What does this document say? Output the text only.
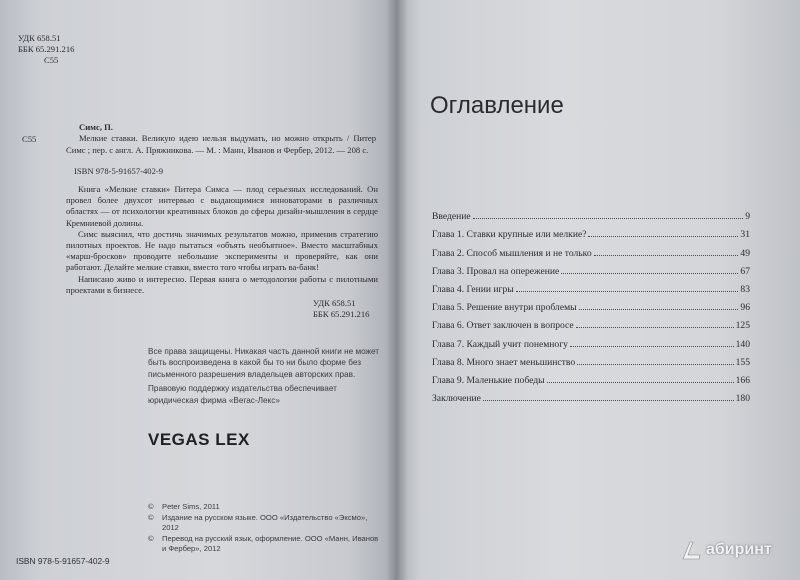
УДК 658.51
ББК 65.291.216
С55
С55
Симс, П.
Мелкие ставки. Великую идею нельзя выдумать, но можно открыть / Питер Симс ; пер. с англ. А. Пряжникова. — М. : Манн, Иванов и Фербер, 2012. — 208 с.
ISBN 978-5-91657-402-9

Книга «Мелкие ставки» Питера Симса — плод серьезных исследований. Он провел более двухсот интервью с выдающимися инноваторами в различных областях — от психологии креативных блоков до сферы дизайн-мышления в сердце Кремниевой долины.

Симс выяснил, что достичь значимых результатов можно, применив стратегию пилотных проектов. Не надо пытаться «объять необъятное». Вместо масштабных «марш-бросков» проводите небольшие эксперименты и проверяйте, как они работают. Делайте мелкие ставки, вместо того чтобы играть ва-банк!

Написано живо и интересно. Первая книга о методологии работы с пилотными проектами в бизнесе.

УДК 658.51
ББК 65.291.216

Все права защищены. Никакая часть данной книги не может быть воспроизведена в какой бы то ни было форме без письменного разрешения владельцев авторских прав.

Правовую поддержку издательства обеспечивает юридическая фирма «Вегас-Лекс»

VEGAS LEX
©	Peter Sims, 2011
©	Издание на русском языке. ООО «Издательство «Эксмо», 2012
©	Перевод на русский язык, оформление. ООО «Манн, Иванов и Фербер», 2012
ISBN 978-5-91657-402-9
Оглавление
Введение	9
Глава 1. Ставки крупные или мелкие?	31
Глава 2. Способ мышления и не только	49
Глава 3. Провал на опережение	67
Глава 4. Гении игры	83
Глава 5. Решение внутри проблемы	96
Глава 6. Ответ заключен в вопросе	125
Глава 7. Каждый учит понемногу	140
Глава 8. Много знает меньшинство	155
Глава 9. Маленькие победы	166
Заключение	180
абиринт
